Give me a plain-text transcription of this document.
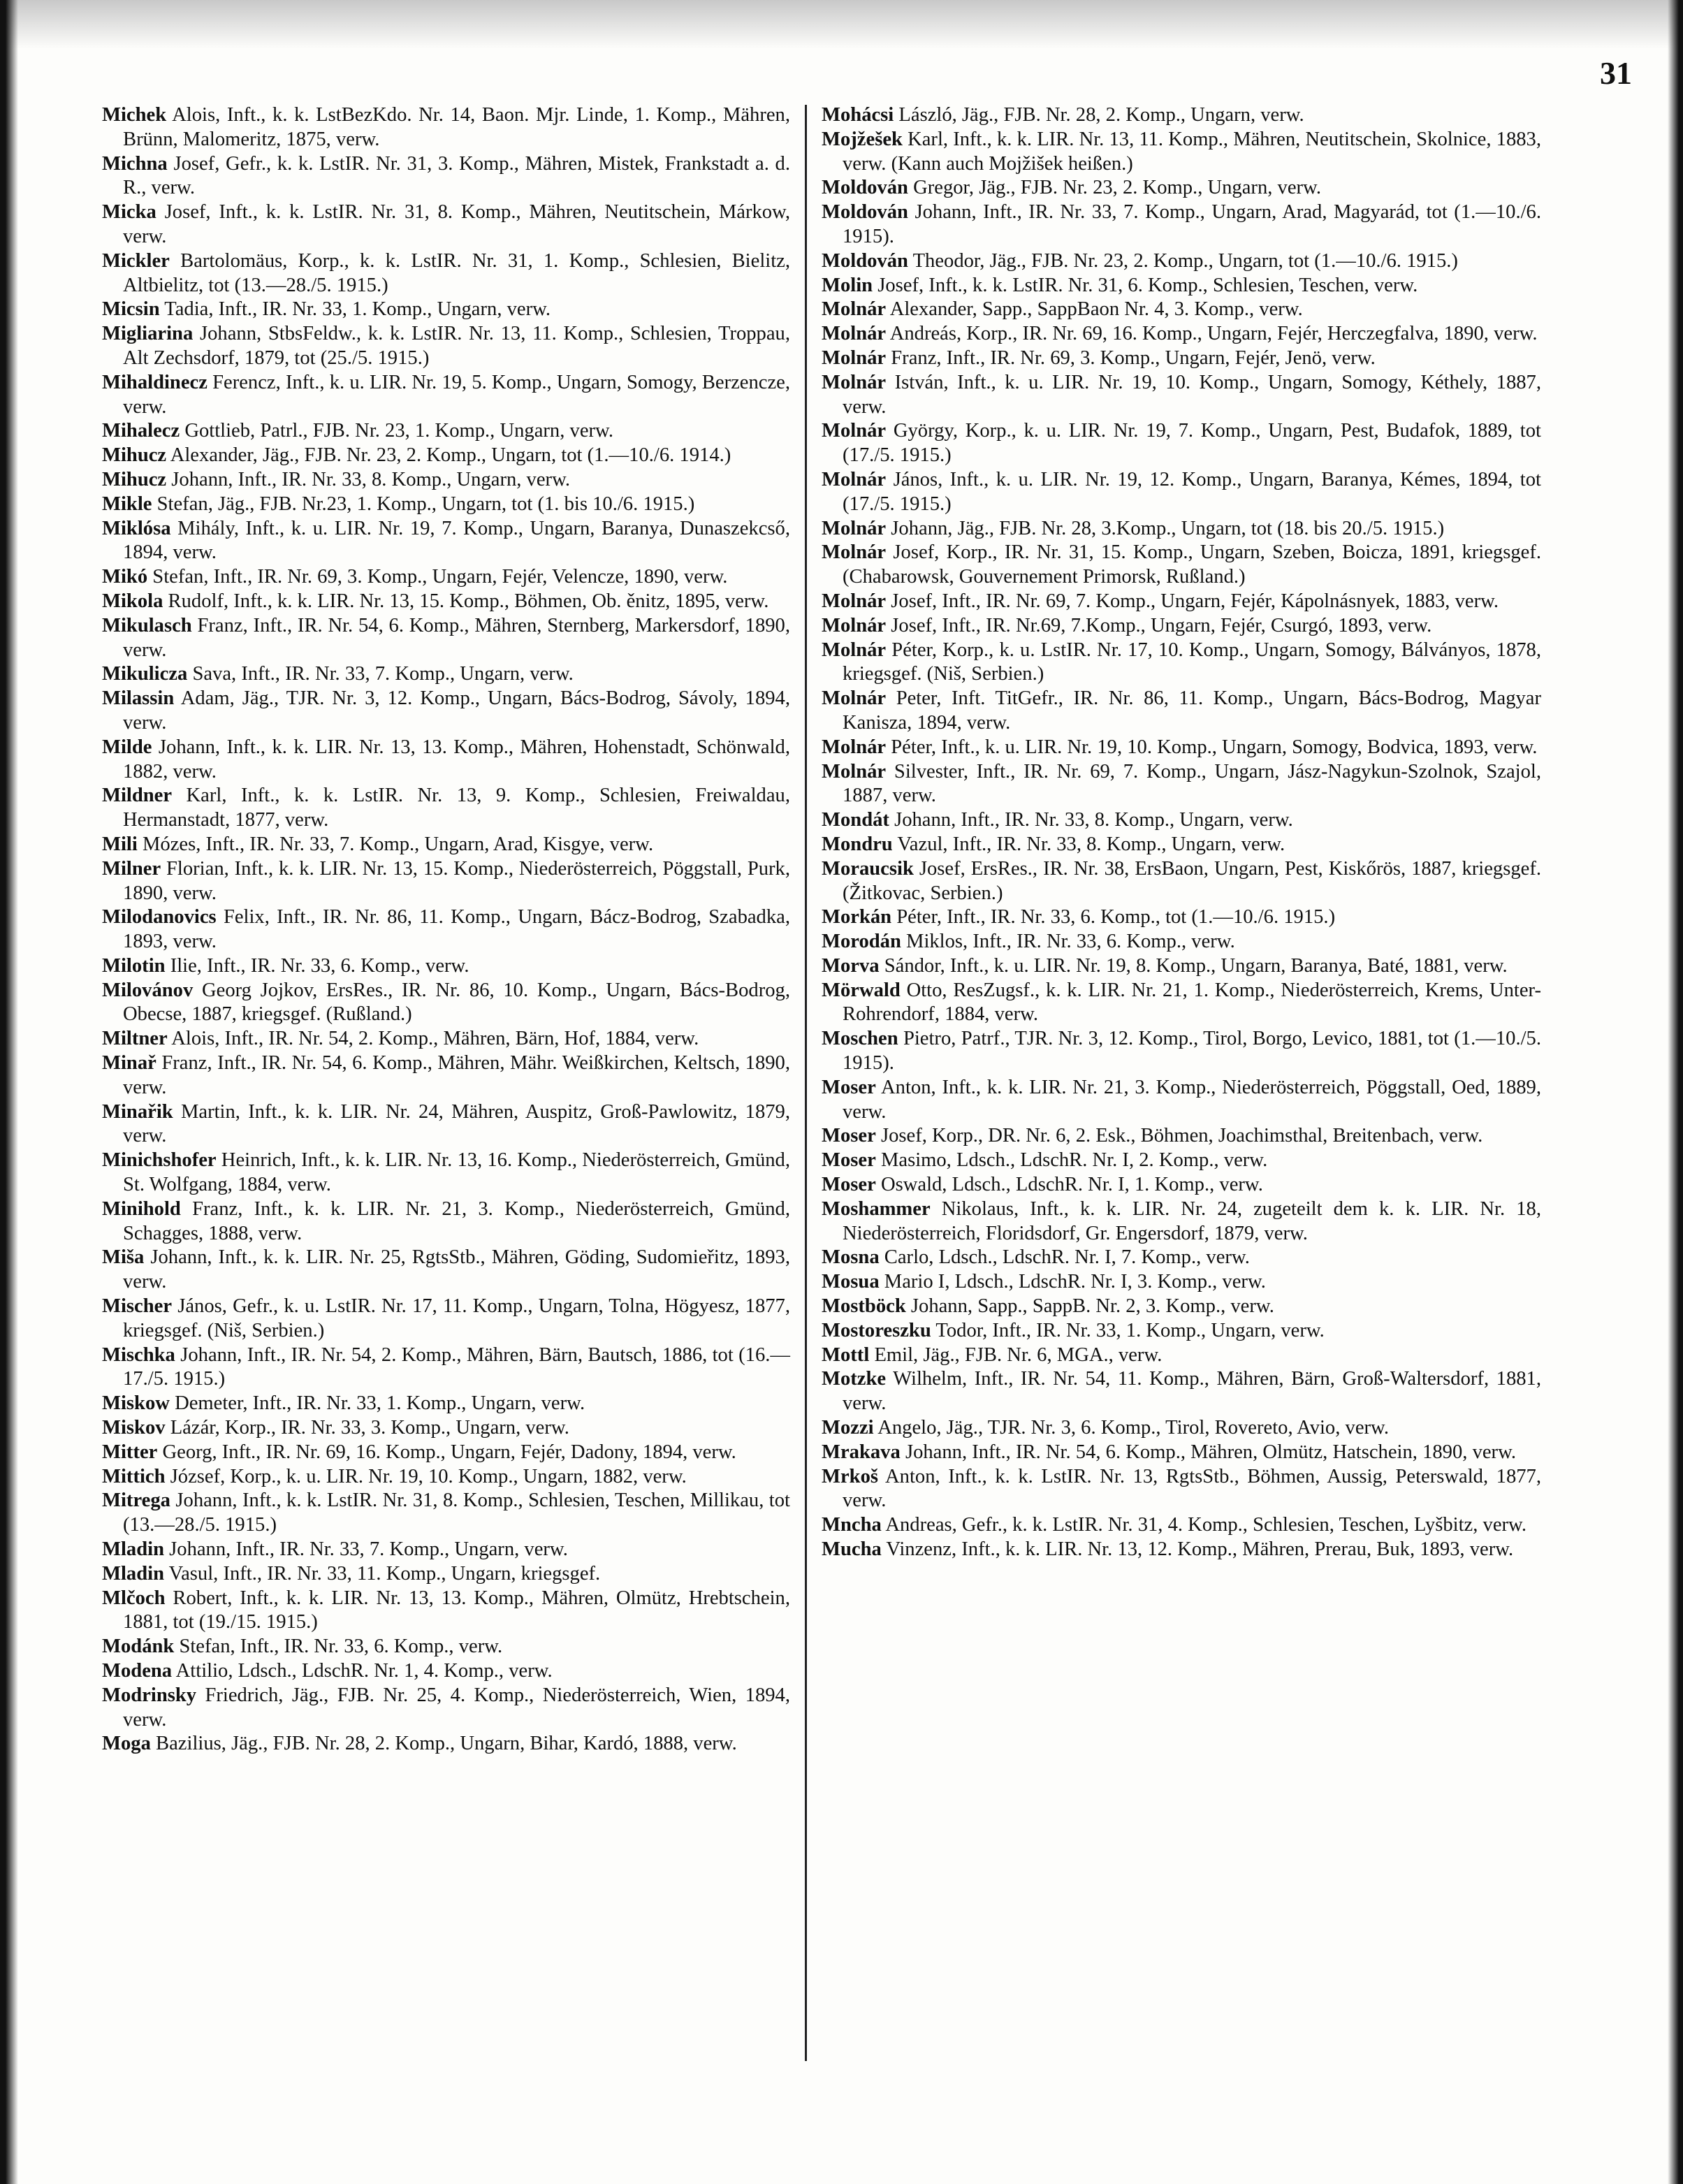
31

Michek Alois, Inft., k. k. LstBezKdo. Nr. 14, Baon. Mjr. Linde, 1. Komp., Mähren, Brünn, Malomeritz, 1875, verw.

Michna Josef, Gefr., k. k. LstIR. Nr. 31, 3. Komp., Mähren, Mistek, Frankstadt a. d. R., verw.

Micka Josef, Inft., k. k. LstIR. Nr. 31, 8. Komp., Mähren, Neutitschein, Márkow, verw.

Mickler Bartolomäus, Korp., k. k. LstIR. Nr. 31, 1. Komp., Schlesien, Bielitz, Altbielitz, tot (13.—28./5. 1915.)

Micsin Tadia, Inft., IR. Nr. 33, 1. Komp., Ungarn, verw.

Migliarina Johann, StbsFeldw., k. k. LstIR. Nr. 13, 11. Komp., Schlesien, Troppau, Alt Zechsdorf, 1879, tot (25./5. 1915.)

Mihaldinecz Ferencz, Inft., k. u. LIR. Nr. 19, 5. Komp., Ungarn, Somogy, Berzencze, verw.

Mihalecz Gottlieb, Patrl., FJB. Nr. 23, 1. Komp., Ungarn, verw.

Mihucz Alexander, Jäg., FJB. Nr. 23, 2. Komp., Ungarn, tot (1.—10./6. 1914.)

Mihucz Johann, Inft., IR. Nr. 33, 8. Komp., Ungarn, verw.

Mikle Stefan, Jäg., FJB. Nr.23, 1. Komp., Ungarn, tot (1. bis 10./6. 1915.)

Miklósa Mihály, Inft., k. u. LIR. Nr. 19, 7. Komp., Ungarn, Baranya, Dunaszekcső, 1894, verw.

Mikó Stefan, Inft., IR. Nr. 69, 3. Komp., Ungarn, Fejér, Velencze, 1890, verw.

Mikola Rudolf, Inft., k. k. LIR. Nr. 13, 15. Komp., Böhmen, Ob. ěnitz, 1895, verw.

Mikulasch Franz, Inft., IR. Nr. 54, 6. Komp., Mähren, Sternberg, Markersdorf, 1890, verw.

Mikulicza Sava, Inft., IR. Nr. 33, 7. Komp., Ungarn, verw.

Milassin Adam, Jäg., TJR. Nr. 3, 12. Komp., Ungarn, Bács-Bodrog, Sávoly, 1894, verw.

Milde Johann, Inft., k. k. LIR. Nr. 13, 13. Komp., Mähren, Hohenstadt, Schönwald, 1882, verw.

Mildner Karl, Inft., k. k. LstIR. Nr. 13, 9. Komp., Schlesien, Freiwaldau, Hermanstadt, 1877, verw.

Mili Mózes, Inft., IR. Nr. 33, 7. Komp., Ungarn, Arad, Kisgye, verw.

Milner Florian, Inft., k. k. LIR. Nr. 13, 15. Komp., Niederösterreich, Pöggstall, Purk, 1890, verw.

Milodanovics Felix, Inft., IR. Nr. 86, 11. Komp., Ungarn, Bácz-Bodrog, Szabadka, 1893, verw.

Milotin Ilie, Inft., IR. Nr. 33, 6. Komp., verw.

Milovánov Georg Jojkov, ErsRes., IR. Nr. 86, 10. Komp., Ungarn, Bács-Bodrog, Obecse, 1887, kriegsgef. (Rußland.)

Miltner Alois, Inft., IR. Nr. 54, 2. Komp., Mähren, Bärn, Hof, 1884, verw.

Minař Franz, Inft., IR. Nr. 54, 6. Komp., Mähren, Mähr. Weißkirchen, Keltsch, 1890, verw.

Minařik Martin, Inft., k. k. LIR. Nr. 24, Mähren, Auspitz, Groß-Pawlowitz, 1879, verw.

Minichshofer Heinrich, Inft., k. k. LIR. Nr. 13, 16. Komp., Niederösterreich, Gmünd, St. Wolfgang, 1884, verw.

Minihold Franz, Inft., k. k. LIR. Nr. 21, 3. Komp., Niederösterreich, Gmünd, Schagges, 1888, verw.

Miša Johann, Inft., k. k. LIR. Nr. 25, RgtsStb., Mähren, Göding, Sudomieřitz, 1893, verw.

Mischer János, Gefr., k. u. LstIR. Nr. 17, 11. Komp., Ungarn, Tolna, Högyesz, 1877, kriegsgef. (Niš, Serbien.)

Mischka Johann, Inft., IR. Nr. 54, 2. Komp., Mähren, Bärn, Bautsch, 1886, tot (16.—17./5. 1915.)

Miskow Demeter, Inft., IR. Nr. 33, 1. Komp., Ungarn, verw.

Miskov Lázár, Korp., IR. Nr. 33, 3. Komp., Ungarn, verw.

Mitter Georg, Inft., IR. Nr. 69, 16. Komp., Ungarn, Fejér, Dadony, 1894, verw.

Mittich József, Korp., k. u. LIR. Nr. 19, 10. Komp., Ungarn, 1882, verw.

Mitrega Johann, Inft., k. k. LstIR. Nr. 31, 8. Komp., Schlesien, Teschen, Millikau, tot (13.—28./5. 1915.)

Mladin Johann, Inft., IR. Nr. 33, 7. Komp., Ungarn, verw.

Mladin Vasul, Inft., IR. Nr. 33, 11. Komp., Ungarn, kriegsgef.

Mlčoch Robert, Inft., k. k. LIR. Nr. 13, 13. Komp., Mähren, Olmütz, Hrebtschein, 1881, tot (19./15. 1915.)

Modánk Stefan, Inft., IR. Nr. 33, 6. Komp., verw.

Modena Attilio, Ldsch., LdschR. Nr. 1, 4. Komp., verw.

Modrinsky Friedrich, Jäg., FJB. Nr. 25, 4. Komp., Niederösterreich, Wien, 1894, verw.

Moga Bazilius, Jäg., FJB. Nr. 28, 2. Komp., Ungarn, Bihar, Kardó, 1888, verw.

Mohácsi László, Jäg., FJB. Nr. 28, 2. Komp., Ungarn, verw.

Mojžešek Karl, Inft., k. k. LIR. Nr. 13, 11. Komp., Mähren, Neutitschein, Skolnice, 1883, verw. (Kann auch Mojžišek heißen.)

Moldován Gregor, Jäg., FJB. Nr. 23, 2. Komp., Ungarn, verw.

Moldován Johann, Inft., IR. Nr. 33, 7. Komp., Ungarn, Arad, Magyarád, tot (1.—10./6. 1915).

Moldován Theodor, Jäg., FJB. Nr. 23, 2. Komp., Ungarn, tot (1.—10./6. 1915.)

Molin Josef, Inft., k. k. LstIR. Nr. 31, 6. Komp., Schlesien, Teschen, verw.

Molnár Alexander, Sapp., SappBaon Nr. 4, 3. Komp., verw.

Molnár Andreás, Korp., IR. Nr. 69, 16. Komp., Ungarn, Fejér, Herczegfalva, 1890, verw.

Molnár Franz, Inft., IR. Nr. 69, 3. Komp., Ungarn, Fejér, Jenö, verw.

Molnár István, Inft., k. u. LIR. Nr. 19, 10. Komp., Ungarn, Somogy, Kéthely, 1887, verw.

Molnár György, Korp., k. u. LIR. Nr. 19, 7. Komp., Ungarn, Pest, Budafok, 1889, tot (17./5. 1915.)

Molnár János, Inft., k. u. LIR. Nr. 19, 12. Komp., Ungarn, Baranya, Kémes, 1894, tot (17./5. 1915.)

Molnár Johann, Jäg., FJB. Nr. 28, 3.Komp., Ungarn, tot (18. bis 20./5. 1915.)

Molnár Josef, Korp., IR. Nr. 31, 15. Komp., Ungarn, Szeben, Boicza, 1891, kriegsgef. (Chabarowsk, Gouvernement Primorsk, Rußland.)

Molnár Josef, Inft., IR. Nr. 69, 7. Komp., Ungarn, Fejér, Kápolnásnyek, 1883, verw.

Molnár Josef, Inft., IR. Nr.69, 7.Komp., Ungarn, Fejér, Csurgó, 1893, verw.

Molnár Péter, Korp., k. u. LstIR. Nr. 17, 10. Komp., Ungarn, Somogy, Bálványos, 1878, kriegsgef. (Niš, Serbien.)

Molnár Peter, Inft. TitGefr., IR. Nr. 86, 11. Komp., Ungarn, Bács-Bodrog, Magyar Kanisza, 1894, verw.

Molnár Péter, Inft., k. u. LIR. Nr. 19, 10. Komp., Ungarn, Somogy, Bodvica, 1893, verw.

Molnár Silvester, Inft., IR. Nr. 69, 7. Komp., Ungarn, Jász-Nagykun-Szolnok, Szajol, 1887, verw.

Mondát Johann, Inft., IR. Nr. 33, 8. Komp., Ungarn, verw.

Mondru Vazul, Inft., IR. Nr. 33, 8. Komp., Ungarn, verw.

Moraucsik Josef, ErsRes., IR. Nr. 38, ErsBaon, Ungarn, Pest, Kiskőrös, 1887, kriegsgef. (Žitkovac, Serbien.)

Morkán Péter, Inft., IR. Nr. 33, 6. Komp., tot (1.—10./6. 1915.)

Morodán Miklos, Inft., IR. Nr. 33, 6. Komp., verw.

Morva Sándor, Inft., k. u. LIR. Nr. 19, 8. Komp., Ungarn, Baranya, Baté, 1881, verw.

Mörwald Otto, ResZugsf., k. k. LIR. Nr. 21, 1. Komp., Niederösterreich, Krems, Unter-Rohrendorf, 1884, verw.

Moschen Pietro, Patrf., TJR. Nr. 3, 12. Komp., Tirol, Borgo, Levico, 1881, tot (1.—10./5. 1915).

Moser Anton, Inft., k. k. LIR. Nr. 21, 3. Komp., Niederösterreich, Pöggstall, Oed, 1889, verw.

Moser Josef, Korp., DR. Nr. 6, 2. Esk., Böhmen, Joachimsthal, Breitenbach, verw.

Moser Masimo, Ldsch., LdschR. Nr. I, 2. Komp., verw.

Moser Oswald, Ldsch., LdschR. Nr. I, 1. Komp., verw.

Moshammer Nikolaus, Inft., k. k. LIR. Nr. 24, zugeteilt dem k. k. LIR. Nr. 18, Niederösterreich, Floridsdorf, Gr. Engersdorf, 1879, verw.

Mosna Carlo, Ldsch., LdschR. Nr. I, 7. Komp., verw.

Mosua Mario I, Ldsch., LdschR. Nr. I, 3. Komp., verw.

Mostböck Johann, Sapp., SappB. Nr. 2, 3. Komp., verw.

Mostoreszku Todor, Inft., IR. Nr. 33, 1. Komp., Ungarn, verw.

Mottl Emil, Jäg., FJB. Nr. 6, MGA., verw.

Motzke Wilhelm, Inft., IR. Nr. 54, 11. Komp., Mähren, Bärn, Groß-Waltersdorf, 1881, verw.

Mozzi Angelo, Jäg., TJR. Nr. 3, 6. Komp., Tirol, Rovereto, Avio, verw.

Mrakava Johann, Inft., IR. Nr. 54, 6. Komp., Mähren, Olmütz, Hatschein, 1890, verw.

Mrkoš Anton, Inft., k. k. LstIR. Nr. 13, RgtsStb., Böhmen, Aussig, Peterswald, 1877, verw.

Mncha Andreas, Gefr., k. k. LstIR. Nr. 31, 4. Komp., Schlesien, Teschen, Lyšbitz, verw.

Mucha Vinzenz, Inft., k. k. LIR. Nr. 13, 12. Komp., Mähren, Prerau, Buk, 1893, verw.
